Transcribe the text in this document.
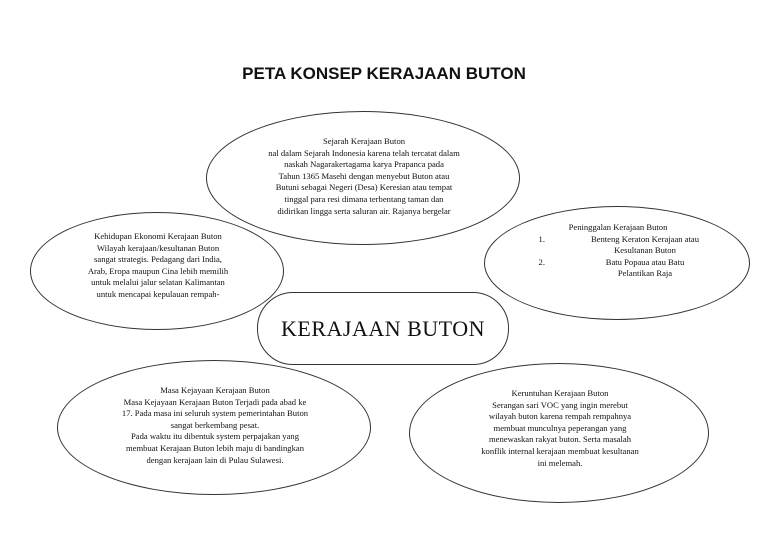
PETA KONSEP KERAJAAN BUTON
Sejarah Kerajaan Buton
nal dalam Sejarah Indonesia karena telah tercatat dalam
naskah Nagarakertagama karya Prapanca pada
Tahun 1365 Masehi dengan menyebut Buton atau
Butuni sebagai Negeri (Desa) Keresian atau tempat
tinggal para resi dimana terbentang taman dan
didirikan lingga serta saluran air. Rajanya bergelar
Kehidupan Ekonomi Kerajaan Buton
Wilayah kerajaan/kesultanan Buton
sangat strategis. Pedagang dari India,
Arab, Eropa maupun Cina lebih memilih
untuk melalui jalur selatan Kalimantan
untuk mencapai kepulauan rempah-
Peninggalan Kerajaan Buton
1.	Benteng Keraton Kerajaan atau
Kesultanan Buton
2.	Batu Popaua atau Batu
Pelantikan Raja
KERAJAAN BUTON
Masa Kejayaan Kerajaan Buton
Masa Kejayaan Kerajaan Buton Terjadi pada abad ke
17. Pada masa ini seluruh system pemerintahan Buton
sangat berkembang pesat.
Pada waktu itu dibentuk system perpajakan yang
membuat Kerajaan Buton lebih maju di bandingkan
dengan kerajaan lain di Pulau Sulawesi.
Keruntuhan Kerajaan Buton
Serangan sari VOC yang ingin merebut
wilayah buton karena rempah rempahnya
membuat munculnya peperangan yang
menewaskan rakyat buton. Serta masalah
konflik internal kerajaan membuat kesultanan
ini melemah.
